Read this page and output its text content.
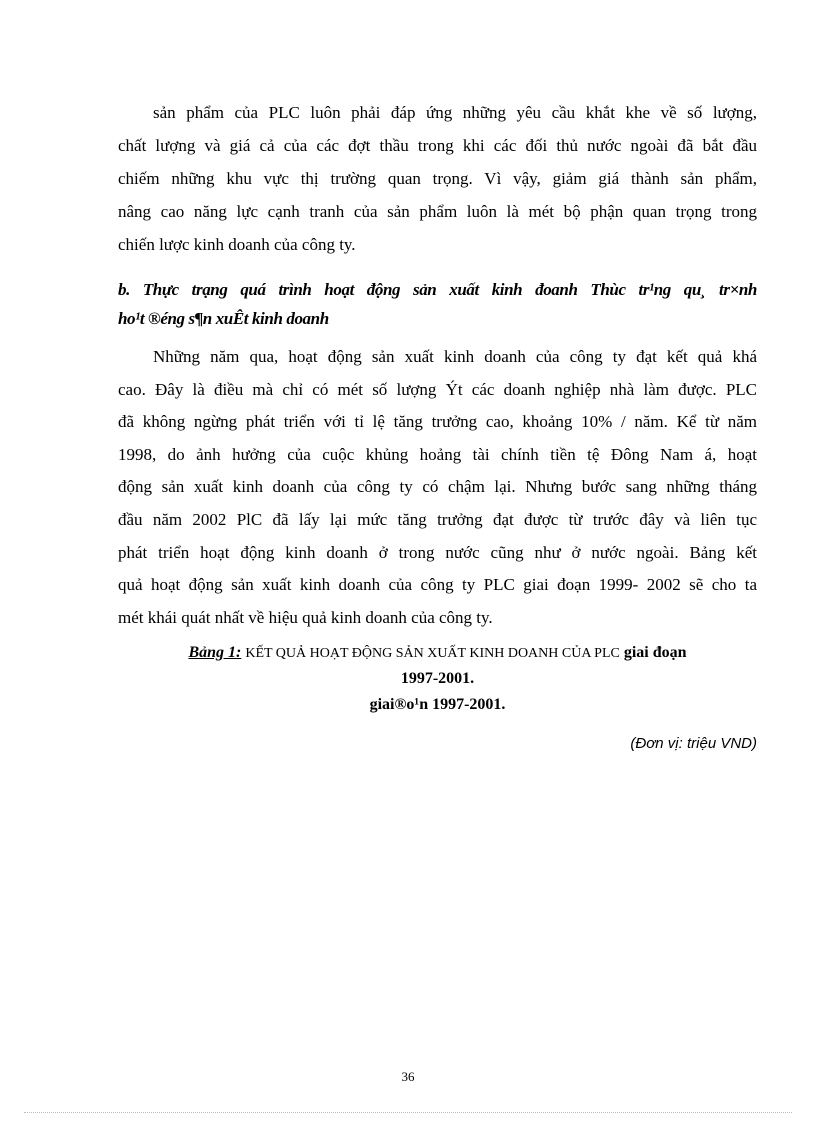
sản phẩm của PLC luôn phải đáp ứng những yêu cầu khắt khe về số lượng,
chất lượng và giá cả của các đợt thầu trong khi các đối thủ nước ngoài đã bắt đầu
chiếm những khu vực thị trường quan trọng. Vì vậy, giảm giá thành sản phẩm,
nâng cao năng lực cạnh tranh của sản phẩm luôn là mét bộ phận quan trọng trong
chiến lược kinh doanh của công ty.
b. Thực trạng quá trình hoạt động sản xuất kinh đoanh Thùc tr¹ng qu¸ tr×nh
ho¹t ®éng s¶n xuÊt kinh doanh
Những năm qua, hoạt động sản xuất kinh doanh của công ty đạt kết quả khá
cao. Đây là điều mà chỉ có mét số lượng Ýt các doanh nghiệp nhà làm được. PLC
đã không ngừng phát triển với tỉ lệ tăng trưởng cao, khoảng 10% / năm. Kể từ năm
1998, do ảnh hưởng của cuộc khủng hoảng tài chính tiền tệ Đông Nam á, hoạt
động sản xuất kinh doanh của công ty có chậm lại. Nhưng bước sang những tháng
đầu năm 2002 PlC đã lấy lại mức tăng trưởng đạt được từ trước đây và liên tục
phát triển hoạt động kinh doanh ở trong nước cũng như ở nước ngoài. Bảng kết
quả hoạt động sản xuất kinh doanh của công ty PLC giai đoạn 1999- 2002 sẽ cho ta
mét khái quát nhất về hiệu quả kinh doanh của công ty.
Bảng 1: KẾT QUẢ HOẠT ĐỘNG SẢN XUẤT KINH DOANH CỦA PLC giai đoạn
1997-2001.
giai®o¹n 1997-2001.
(Đơn vị: triệu VND)
36
